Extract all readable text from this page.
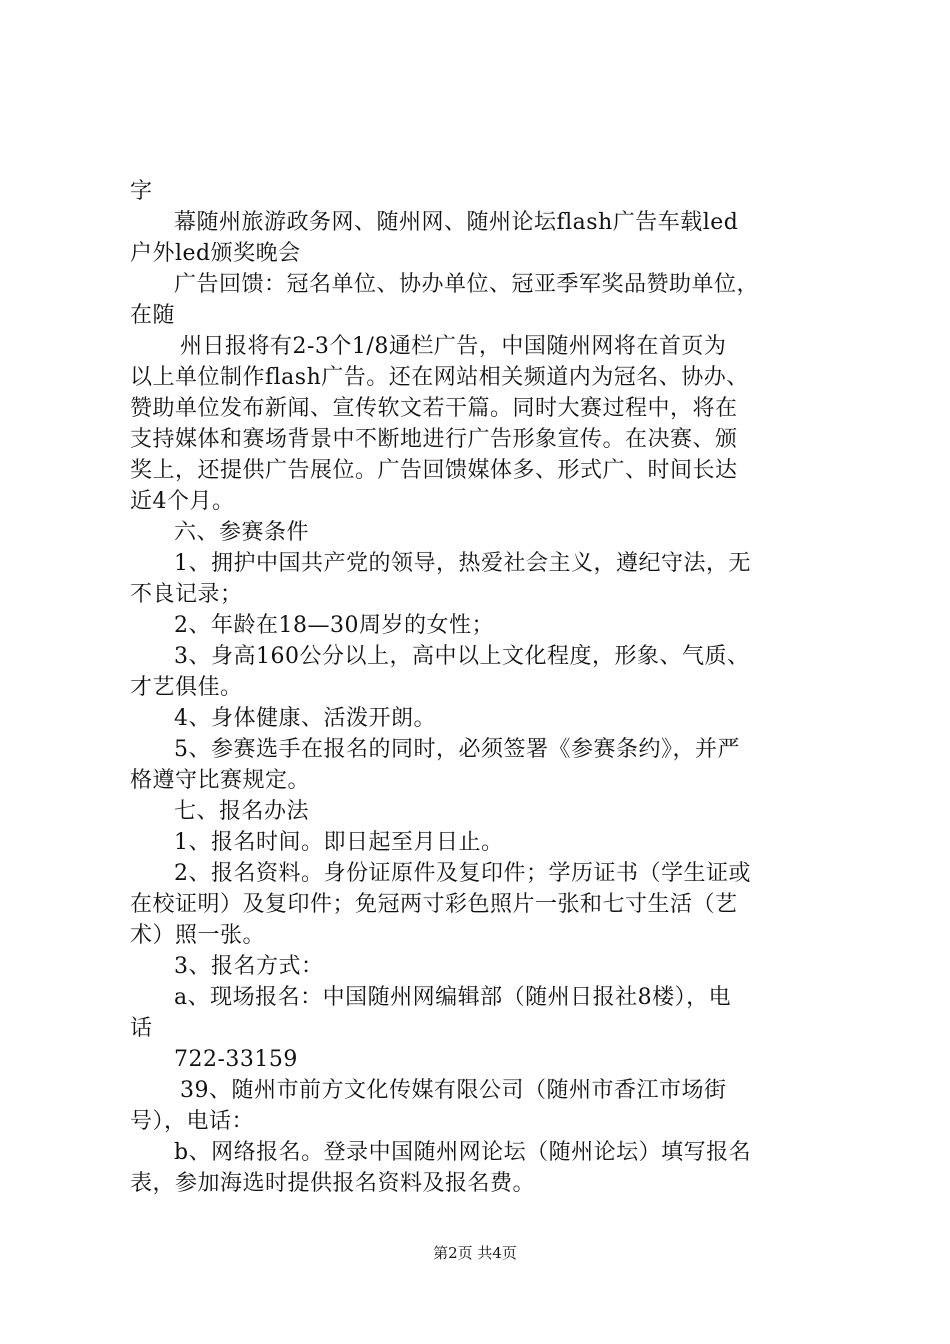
字
幕随州旅游政务网、随州网、随州论坛flash广告车载led
户外led颁奖晚会
广告回馈：冠名单位、协办单位、冠亚季军奖品赞助单位，
在随
州日报将有2-3个1/8通栏广告，中国随州网将在首页为
以上单位制作flash广告。还在网站相关频道内为冠名、协办、
赞助单位发布新闻、宣传软文若干篇。同时大赛过程中，将在
支持媒体和赛场背景中不断地进行广告形象宣传。在决赛、颁
奖上，还提供广告展位。广告回馈媒体多、形式广、时间长达
近4个月。
六、参赛条件
1、拥护中国共产党的领导，热爱社会主义，遵纪守法，无
不良记录；
2、年龄在18—30周岁的女性；
3、身高160公分以上，高中以上文化程度，形象、气质、
才艺俱佳。
4、身体健康、活泼开朗。
5、参赛选手在报名的同时，必须签署《参赛条约》，并严
格遵守比赛规定。
七、报名办法
1、报名时间。即日起至月日止。
2、报名资料。身份证原件及复印件；学历证书（学生证或
在校证明）及复印件；免冠两寸彩色照片一张和七寸生活（艺
术）照一张。
3、报名方式：
a、现场报名：中国随州网编辑部（随州日报社8楼），电
话
722-33159
39、随州市前方文化传媒有限公司（随州市香江市场街
号），电话：
b、网络报名。登录中国随州网论坛（随州论坛）填写报名
表，参加海选时提供报名资料及报名费。
第2页 共4页
